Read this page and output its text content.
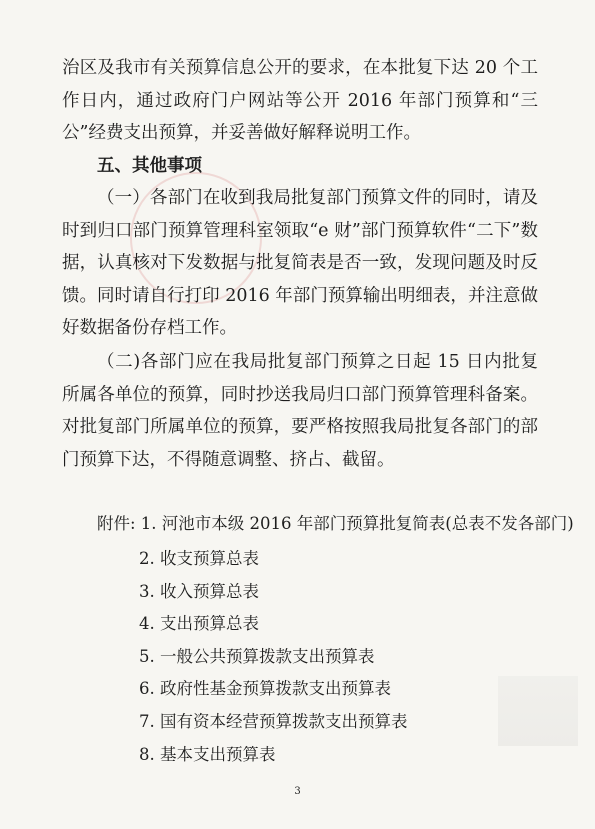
治区及我市有关预算信息公开的要求，在本批复下达 20 个工作日内，通过政府门户网站等公开 2016 年部门预算和“三公”经费支出预算，并妥善做好解释说明工作。

五、其他事项

（一）各部门在收到我局批复部门预算文件的同时，请及时到归口部门预算管理科室领取“e 财”部门预算软件“二下”数据，认真核对下发数据与批复简表是否一致，发现问题及时反馈。同时请自行打印 2016 年部门预算输出明细表，并注意做好数据备份存档工作。

（二)各部门应在我局批复部门预算之日起 15 日内批复所属各单位的预算，同时抄送我局归口部门预算管理科备案。对批复部门所属单位的预算，要严格按照我局批复各部门的部门预算下达，不得随意调整、挤占、截留。

附件: 1. 河池市本级 2016 年部门预算批复简表(总表不发各部门)

2. 收支预算总表
3. 收入预算总表
4. 支出预算总表
5. 一般公共预算拨款支出预算表
6. 政府性基金预算拨款支出预算表
7. 国有资本经营预算拨款支出预算表
8. 基本支出预算表
3
